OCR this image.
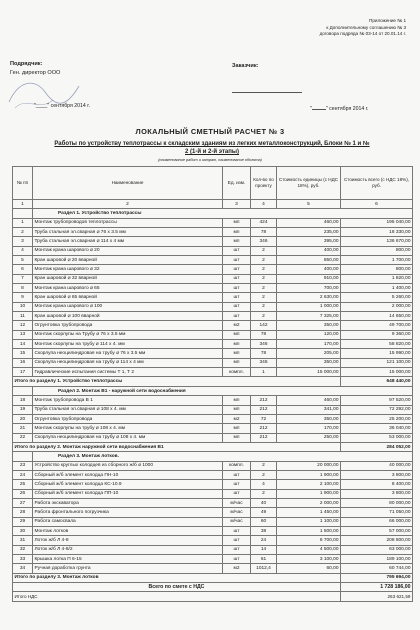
Приложение № 1
к Дополнительному соглашению № 3
договора подряда № 03-14 от 20.01.14 г.
Подрядчик:
Ген. директор ООО
"____" сентября 2014 г.
Заказчик:
"	" сентября 2014 г.
ЛОКАЛЬНЫЙ СМЕТНЫЙ РАСЧЕТ № 3
Работы по устройству теплотрассы к складским зданиям из легких металлоконструкций, Блоки № 1 и №
2 (1-й и 2-й этапы)
(наименование работ и затрат, наименование объекта)
№ пп	Наименование	Ед. изм.	Кол-во по проекту	Стоимость единицы (с НДС 18%), руб.	Стоимость всего (с НДС 18%), руб.
1	2	3	4	5	6
	Раздел 1. Устройство теплотрассы				
1	Монтаж трубопроводов теплотрассы	мп	424	460,00	195 040,00
2	Труба стальная эл.сварная ⌀ 76 x 3.5 мм	мп	78	235,00	18 330,00
3	Труба стальная эл.сварная ⌀ 114 x 4 мм	мп	346	395,00	136 670,00
4	Монтаж крана шарового ⌀ 20	шт	2	400,00	800,00
5	Кран шаровой ⌀ 20 вварной	шт	2	850,00	1 700,00
6	Монтаж крана шарового ⌀ 32	шт	2	400,00	800,00
7	Кран шаровой ⌀ 32 вварной	шт	2	910,00	1 820,00
8	Монтаж крана шарового ⌀ 65	шт	2	700,00	1 400,00
9	Кран шаровой ⌀ 65 вварной	шт	2	2 630,00	5 260,00
10	Монтаж крана шарового ⌀ 100	шт	2	1 000,00	2 000,00
11	Кран шаровой ⌀ 100 вварной	шт	2	7 325,00	14 650,00
12	Огрунтовка трубопровода	м2	142	350,00	49 700,00
13	Монтаж скорлупы на Трубу ⌀ 76 x 3.5 мм	мп	78	120,00	9 360,00
14	Монтаж скорлупы на трубу ⌀ 114 x 4. мм	мп	346	170,00	58 820,00
15	Скорлупа неоцилиндровая на трубу ⌀ 76 x 3.5 мм	мп	78	205,00	15 990,00
16	Скорлупа неоцилиндровая на трубу ⌀ 114 x 4 мм	мп	346	350,00	121 100,00
17	Гидравлические испытания системы Т 1, Т 2	компл.	1	15 000,00	15 000,00
Итого по разделу 1. Устройство теплотрассы					648 440,00
	Раздел 2. Монтаж В1 - наружной сети водоснабжения				
18	Монтаж трубопровода В 1	мп	212	460,00	97 520,00
19	Труба стальная эл.сварная ⌀ 108 x 4. мм	мп	212	341,00	72 292,00
20	Огрунтовка трубопровода	м2	72	350,00	25 200,00
21	Монтаж скорлупы на трубу ⌀ 108 x 4. мм	мп	212	170,00	36 040,00
22	Скорлупа неоцилиндровая на трубу ⌀ 108 x 4. мм	мп	212	250,00	53 000,00
Итого по разделу 2. Монтаж наружной сети водоснабжения В1					284 052,00
	Раздел 3. Монтаж лотков.				
23	Устройство круглых колодцев из сборного ж/б ⌀ 1000	компл.	2	20 000,00	40 000,00
24	Сборный ж/б элемент колодца ПН-10	шт	2	1 900,00	3 800,00
25	Сборный ж/б элемент колодца КС-10.9	шт	4	2 100,00	8 400,00
26	Сборный ж/б элемент колодца ПП-10	шт	2	1 900,00	3 800,00
27	Работа экскаватора	м/час	40	2 000,00	80 000,00
28	Работа фронтального погрузчика	м/час	49	1 450,00	71 050,00
29	Работа самосвала	м/час	60	1 100,00	66 000,00
30	Монтаж лотков	шт	38	1 500,00	57 000,00
31	Лоток ж/б Л 4-8	шт	24	8 700,00	208 800,00
32	Лоток ж/б Л 4-8/2	шт	14	4 500,00	63 000,00
33	Крышка лотка П 6-15	шт	61	3 100,00	189 100,00
34	Ручная доработка грунта	м2	1012,4	60,00	60 744,00
Итого по разделу 3. Монтаж лотков					795 694,00
Всего по смете с НДС					1 728 186,00
Итого НДС					263 621,59
